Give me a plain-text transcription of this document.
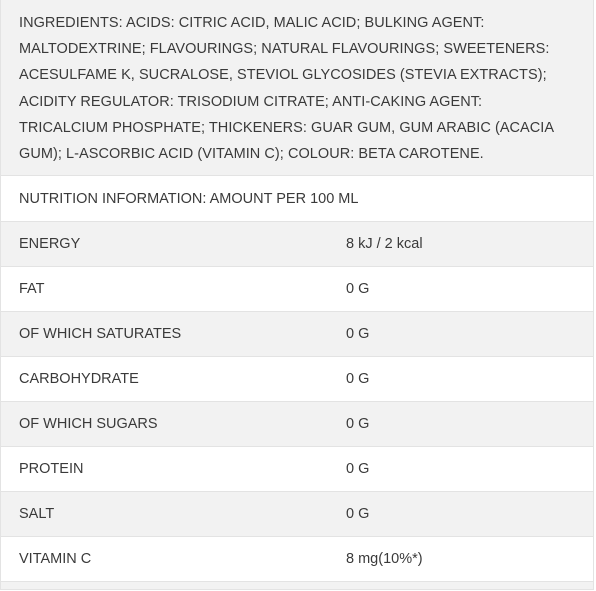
INGREDIENTS: ACIDS: CITRIC ACID, MALIC ACID; BULKING AGENT: MALTODEXTRINE; FLAVOURINGS; NATURAL FLAVOURINGS; SWEETENERS: ACESULFAME K, SUCRALOSE, STEVIOL GLYCOSIDES (STEVIA EXTRACTS); ACIDITY REGULATOR: TRISODIUM CITRATE; ANTI-CAKING AGENT: TRICALCIUM PHOSPHATE; THICKENERS: GUAR GUM, GUM ARABIC (ACACIA GUM); L-ASCORBIC ACID (VITAMIN C); COLOUR: BETA CAROTENE.
NUTRITION INFORMATION: AMOUNT PER 100 ML
ENERGY	8 kJ / 2 kcal
FAT	0 G
OF WHICH SATURATES	0 G
CARBOHYDRATE	0 G
OF WHICH SUGARS	0 G
PROTEIN	0 G
SALT	0 G
VITAMIN C	8 mg(10%*)
